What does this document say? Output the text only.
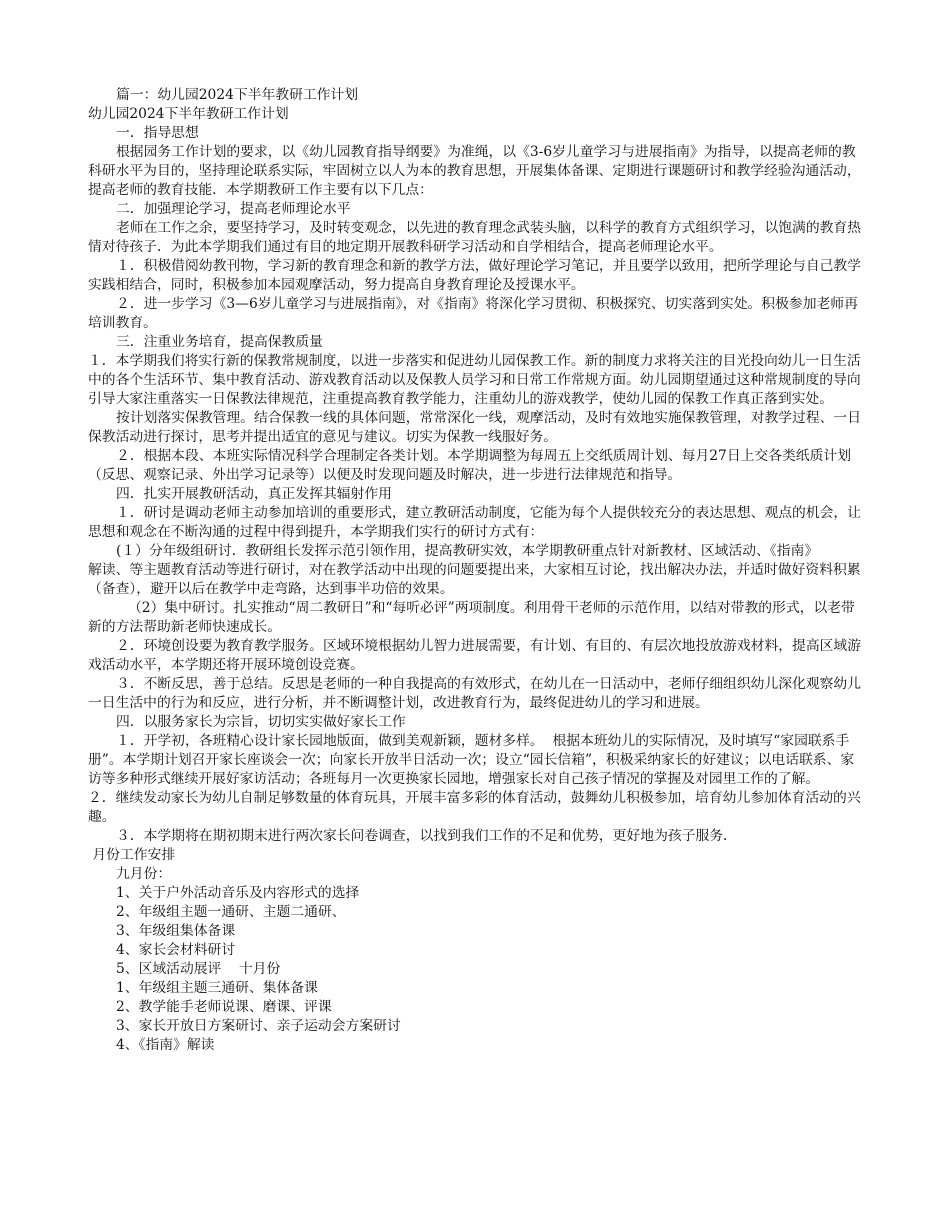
篇一：幼儿园2024下半年教研工作计划

幼儿园2024下半年教研工作计划

一．指导思想

根据园务工作计划的要求，以《幼儿园教育指导纲要》为准绳，以《3-6岁儿童学习与进展指南》为指导，以提高老师的教科研水平为目的，坚持理论联系实际，牢固树立以人为本的教育思想，开展集体备课、定期进行课题研讨和教学经验沟通活动，提高老师的教育技能．本学期教研工作主要有以下几点：

二．加强理论学习，提高老师理论水平

老师在工作之余，要坚持学习，及时转变观念，以先进的教育理念武装头脑，以科学的教育方式组织学习，以饱满的教育热情对待孩子．为此本学期我们通过有目的地定期开展教科研学习活动和自学相结合，提高老师理论水平。

１．积极借阅幼教刊物，学习新的教育理念和新的教学方法，做好理论学习笔记，并且要学以致用，把所学理论与自己教学实践相结合，同时，积极参加本园观摩活动，努力提高自身教育理论及授课水平。

２．进一步学习《3—6岁儿童学习与进展指南》，对《指南》将深化学习贯彻、积极探究、切实落到实处。积极参加老师再培训教育。

三．注重业务培育，提高保教质量

１．本学期我们将实行新的保教常规制度，以进一步落实和促进幼儿园保教工作。新的制度力求将关注的目光投向幼儿一日生活中的各个生活环节、集中教育活动、游戏教育活动以及保教人员学习和日常工作常规方面。幼儿园期望通过这种常规制度的导向引导大家注重落实一日保教法律规范，注重提高教育教学能力，注重幼儿的游戏教学，使幼儿园的保教工作真正落到实处。

按计划落实保教管理。结合保教一线的具体问题，常常深化一线，观摩活动，及时有效地实施保教管理，对教学过程、一日保教活动进行探讨，思考并提出适宜的意见与建议。切实为保教一线服好务。

２．根据本段、本班实际情况科学合理制定各类计划。本学期调整为每周五上交纸质周计划、每月27日上交各类纸质计划（反思、观察记录、外出学习记录等）以便及时发现问题及时解决，进一步进行法律规范和指导。

四．扎实开展教研活动，真正发挥其辐射作用

１．研讨是调动老师主动参加培训的重要形式，建立教研活动制度，它能为每个人提供较充分的表达思想、观点的机会，让思想和观念在不断沟通的过程中得到提升，本学期我们实行的研讨方式有：

(１）分年级组研讨．教研组长发挥示范引领作用，提高教研实效，本学期教研重点针对新教材、区域活动、《指南》

解读、等主题教育活动等进行研讨，对在教学活动中出现的问题要提出来，大家相互讨论，找出解决办法，并适时做好资料积累（备查），避开以后在教学中走弯路，达到事半功倍的效果。

（2）集中研讨。扎实推动“周二教研日”和“每听必评”两项制度。利用骨干老师的示范作用，以结对带教的形式，以老带新的方法帮助新老师快速成长。

２．环境创设要为教育教学服务。区域环境根据幼儿智力进展需要，有计划、有目的、有层次地投放游戏材料，提高区域游戏活动水平，本学期还将开展环境创设竞赛。

３．不断反思，善于总结。反思是老师的一种自我提高的有效形式，在幼儿在一日活动中，老师仔细组织幼儿深化观察幼儿一日生活中的行为和反应，进行分析，并不断调整计划，改进教育行为，最终促进幼儿的学习和进展。

四．以服务家长为宗旨，切切实实做好家长工作

１．开学初，各班精心设计家长园地版面，做到美观新颖，题材多样。  根据本班幼儿的实际情况，及时填写“家园联系手册”。本学期计划召开家长座谈会一次；向家长开放半日活动一次；设立“园长信箱”，积极采纳家长的好建议；以电话联系、家访等多种形式继续开展好家访活动；各班每月一次更换家长园地，增强家长对自己孩子情况的掌握及对园里工作的了解。

２．继续发动家长为幼儿自制足够数量的体育玩具，开展丰富多彩的体育活动，鼓舞幼儿积极参加，培育幼儿参加体育活动的兴趣。

３．本学期将在期初期末进行两次家长问卷调查，以找到我们工作的不足和优势，更好地为孩子服务．

月份工作安排

九月份：

1、关于户外活动音乐及内容形式的选择

2、年级组主题一通研、主题二通研、

3、年级组集体备课

4、家长会材料研讨

5、区域活动展评    十月份

1、年级组主题三通研、集体备课

2、教学能手老师说课、磨课、评课

3、家长开放日方案研讨、亲子运动会方案研讨

4、《指南》解读
